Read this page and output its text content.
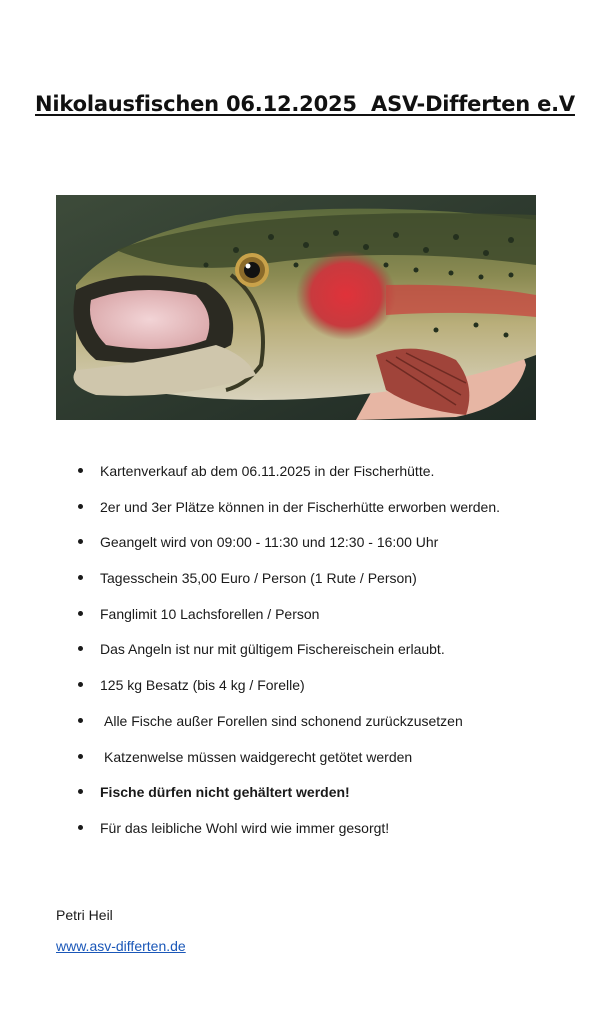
Nikolausfischen 06.12.2025  ASV-Differten e.V
Kartenverkauf ab dem 06.11.2025 in der Fischerhütte.
2er und 3er Plätze können in der Fischerhütte erworben werden.
Geangelt wird von 09:00 - 11:30 und 12:30 - 16:00 Uhr
Tagesschein 35,00 Euro / Person (1 Rute / Person)
Fanglimit 10 Lachsforellen / Person
Das Angeln ist nur mit gültigem Fischereischein erlaubt.
125 kg Besatz (bis 4 kg / Forelle)
Alle Fische außer Forellen sind schonend zurückzusetzen
Katzenwelse müssen waidgerecht getötet werden
Fische dürfen nicht gehältert werden!
Für das leibliche Wohl wird wie immer gesorgt!
Petri Heil
www.asv-differten.de
